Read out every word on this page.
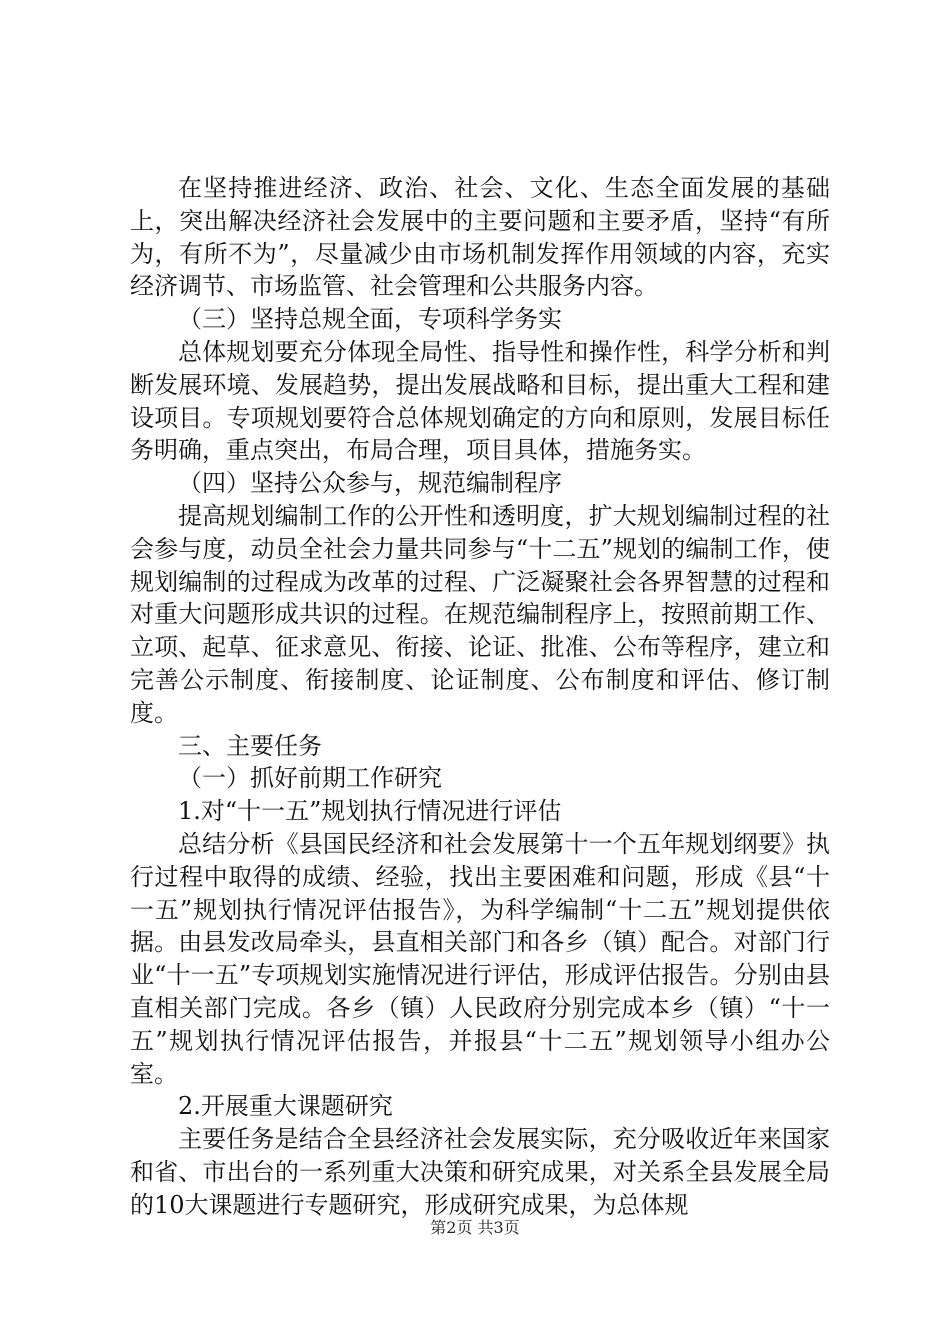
在坚持推进经济、政治、社会、文化、生态全面发展的基础上，突出解决经济社会发展中的主要问题和主要矛盾，坚持“有所为，有所不为”，尽量减少由市场机制发挥作用领域的内容，充实经济调节、市场监管、社会管理和公共服务内容。

（三）坚持总规全面，专项科学务实

总体规划要充分体现全局性、指导性和操作性，科学分析和判断发展环境、发展趋势，提出发展战略和目标，提出重大工程和建设项目。专项规划要符合总体规划确定的方向和原则，发展目标任务明确，重点突出，布局合理，项目具体，措施务实。

（四）坚持公众参与，规范编制程序

提高规划编制工作的公开性和透明度，扩大规划编制过程的社会参与度，动员全社会力量共同参与“十二五”规划的编制工作，使规划编制的过程成为改革的过程、广泛凝聚社会各界智慧的过程和对重大问题形成共识的过程。在规范编制程序上，按照前期工作、立项、起草、征求意见、衔接、论证、批准、公布等程序，建立和完善公示制度、衔接制度、论证制度、公布制度和评估、修订制度。

三、主要任务

（一）抓好前期工作研究

1.对“十一五”规划执行情况进行评估

总结分析《县国民经济和社会发展第十一个五年规划纲要》执行过程中取得的成绩、经验，找出主要困难和问题，形成《县“十一五”规划执行情况评估报告》，为科学编制“十二五”规划提供依据。由县发改局牵头，县直相关部门和各乡（镇）配合。对部门行业“十一五”专项规划实施情况进行评估，形成评估报告。分别由县直相关部门完成。各乡（镇）人民政府分别完成本乡（镇）“十一五”规划执行情况评估报告，并报县“十二五”规划领导小组办公室。

2.开展重大课题研究

主要任务是结合全县经济社会发展实际，充分吸收近年来国家和省、市出台的一系列重大决策和研究成果，对关系全县发展全局的10大课题进行专题研究，形成研究成果，为总体规

第2页 共3页
